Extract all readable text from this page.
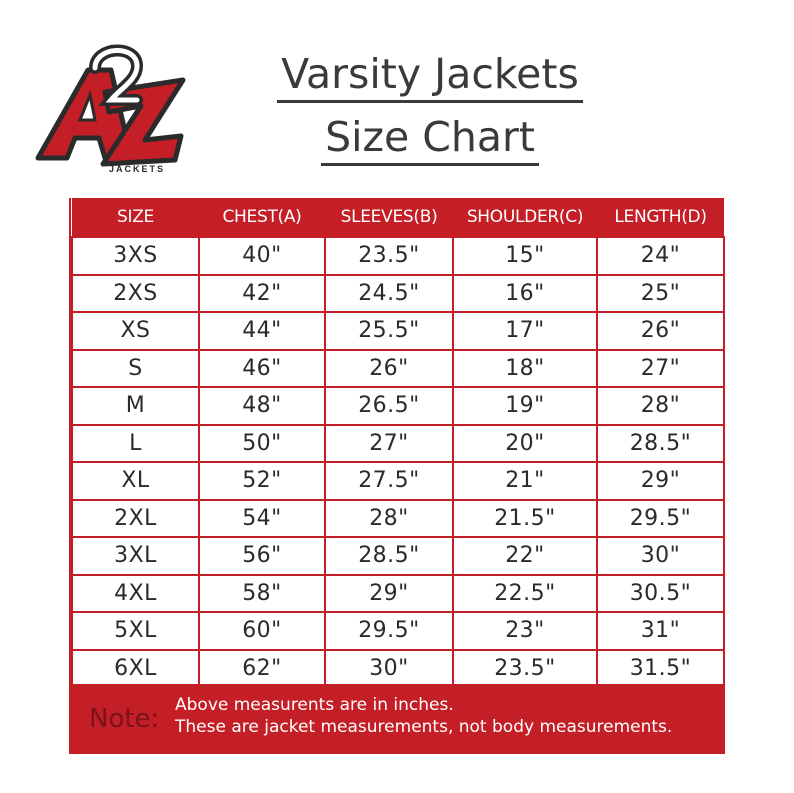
JACKETS
Varsity Jackets
Size Chart
SIZE	CHEST(A)	SLEEVES(B)	SHOULDER(C)	LENGTH(D)
3XS	40"	23.5"	15"	24"
2XS	42"	24.5"	16"	25"
XS	44"	25.5"	17"	26"
S	46"	26"	18"	27"
M	48"	26.5"	19"	28"
L	50"	27"	20"	28.5"
XL	52"	27.5"	21"	29"
2XL	54"	28"	21.5"	29.5"
3XL	56"	28.5"	22"	30"
4XL	58"	29"	22.5"	30.5"
5XL	60"	29.5"	23"	31"
6XL	62"	30"	23.5"	31.5"
Note: Above measurents are in inches.
These are jacket measurements, not body measurements.
